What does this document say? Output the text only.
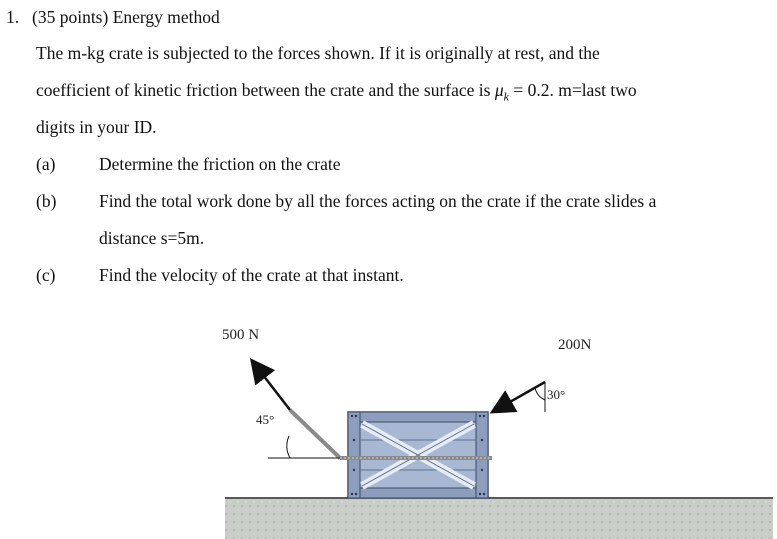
1. (35 points) Energy method
The m-kg crate is subjected to the forces shown. If it is originally at rest, and the
coefficient of kinetic friction between the crate and the surface is $\mu_k = 0.2$. m=last two
digits in your ID.
(a) Determine the friction on the crate
(b) Find the total work done by all the forces acting on the crate if the crate slides a
distance s=5m.
(c) Find the velocity of the crate at that instant.
500 N
45°
200N
30°
